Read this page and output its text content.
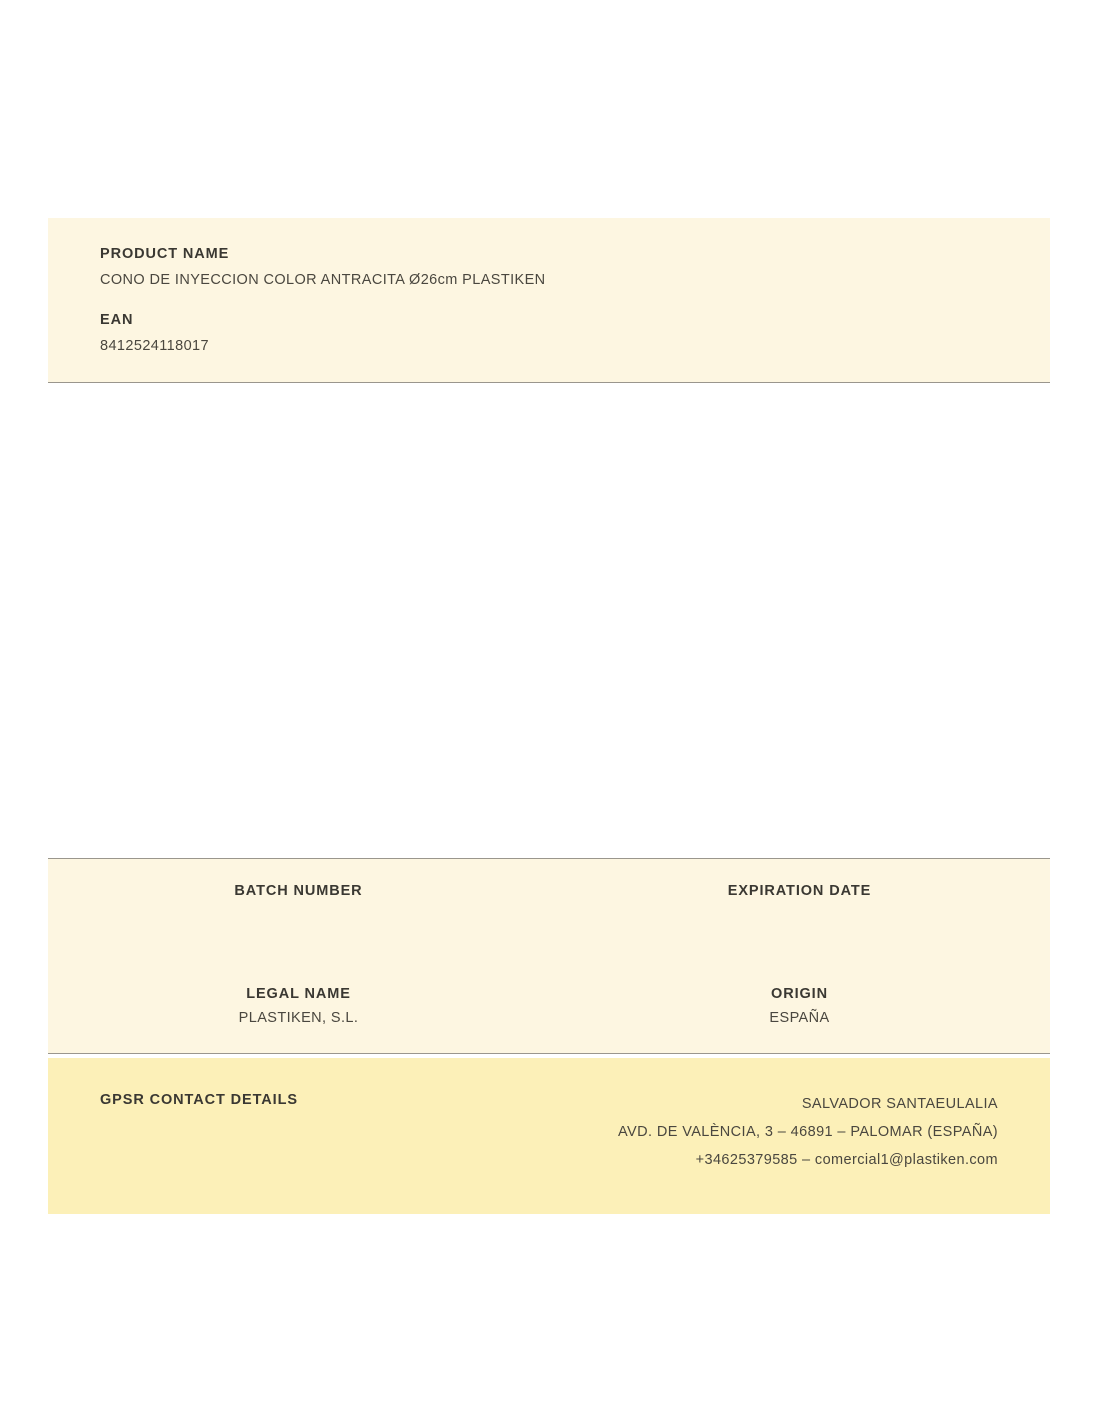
PRODUCT NAME
CONO DE INYECCION COLOR ANTRACITA Ø26cm PLASTIKEN
EAN
8412524118017
BATCH NUMBER	EXPIRATION DATE
LEGAL NAME
PLASTIKEN, S.L.
ORIGIN
ESPAÑA
GPSR CONTACT DETAILS	SALVADOR SANTAEULALIA
AVD. DE VALÈNCIA, 3 – 46891 – PALOMAR (ESPAÑA)
+34625379585 – comercial1@plastiken.com
